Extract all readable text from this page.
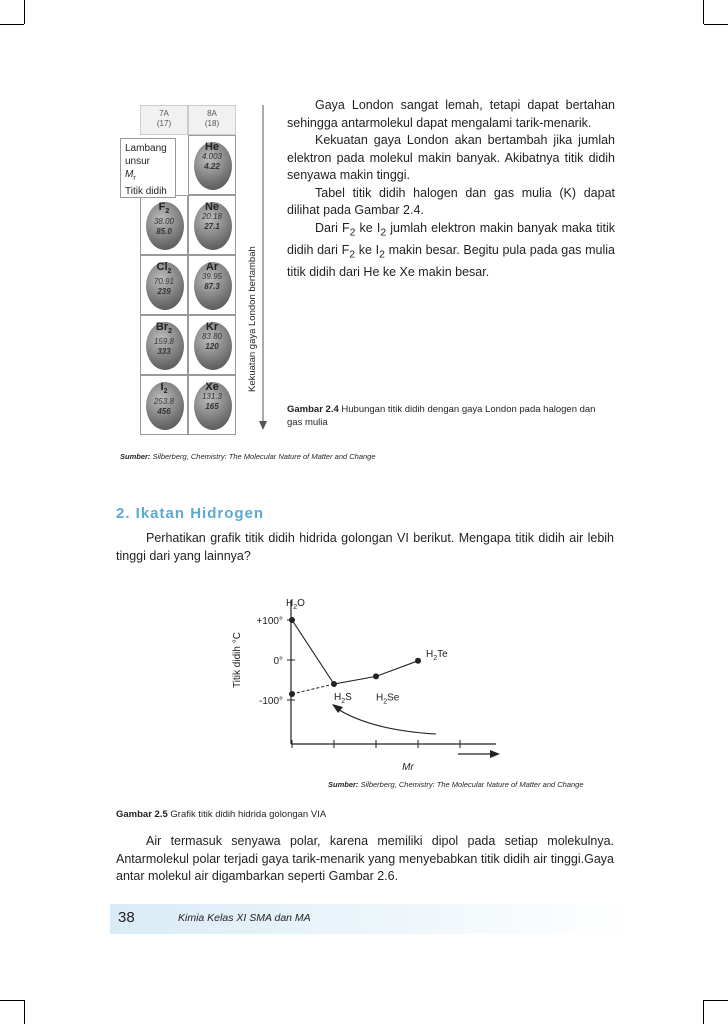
7A
(17)
$F_2$
38.00
85.0
$Cl_2$
70.91
239
$Br_2$
159.8
333
$I_2$
253.8
456
8A
(18)
He
4.003
4.22
Ne
20.18
27.1
Ar
39.95
87.3
Kr
83.80
120
Xe
131.3
165
Lambang
unsur
$M_r$
Titik didih
Kekuatan gaya London bertambah
Gaya London sangat lemah, tetapi dapat bertahan sehingga antarmolekul dapat mengalami tarik-menarik.
Kekuatan gaya London akan bertambah jika jumlah elektron pada molekul makin banyak. Akibatnya titik didih senyawa makin tinggi.
Tabel titik didih halogen dan gas mulia (K) dapat dilihat pada Gambar 2.4.
Dari $F_2$ ke $I_2$ jumlah elektron makin banyak maka titik didih dari $F_2$ ke $I_2$ makin besar. Begitu pula pada gas mulia titik didih dari He ke Xe makin besar.
Gambar 2.4 Hubungan titik didih dengan gaya London pada halogen dan gas mulia
Sumber: Silberberg, Chemistry: The Molecular Nature of Matter and Change
2. Ikatan Hidrogen
Perhatikan grafik titik didih hidrida golongan VI berikut. Mengapa titik didih air lebih tinggi dari yang lainnya?
+100°
0°
-100°
Titik didih °C
Mr
$H_2O$
$H_2S$ $H_2Se$
$H_2Te$
Sumber: Silberberg, Chemistry: The Molecular Nature of Matter and Change
Gambar 2.5 Grafik titik didih hidrida golongan VIA
Air termasuk senyawa polar, karena memiliki dipol pada setiap molekulnya. Antarmolekul polar terjadi gaya tarik-menarik yang menyebabkan titik didih air tinggi.Gaya antar molekul air digambarkan seperti Gambar 2.6.
38	Kimia Kelas XI SMA dan MA
